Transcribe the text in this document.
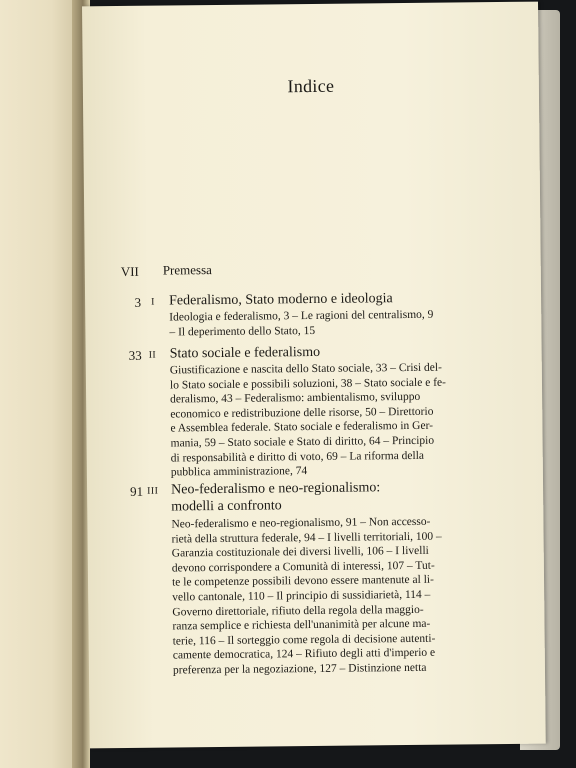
Indice
VII Premessa
3 I Federalismo, Stato moderno e ideologia
Ideologia e federalismo, 3 – Le ragioni del centralismo, 9
– Il deperimento dello Stato, 15
33 II Stato sociale e federalismo
Giustificazione e nascita dello Stato sociale, 33 – Crisi del-
lo Stato sociale e possibili soluzioni, 38 – Stato sociale e fe-
deralismo, 43 – Federalismo: ambientalismo, sviluppo
economico e redistribuzione delle risorse, 50 – Direttorio
e Assemblea federale. Stato sociale e federalismo in Ger-
mania, 59 – Stato sociale e Stato di diritto, 64 – Principio
di responsabilità e diritto di voto, 69 – La riforma della
pubblica amministrazione, 74
91 III Neo-federalismo e neo-regionalismo:
modelli a confronto
Neo-federalismo e neo-regionalismo, 91 – Non accesso-
rietà della struttura federale, 94 – I livelli territoriali, 100 –
Garanzia costituzionale dei diversi livelli, 106 – I livelli
devono corrispondere a Comunità di interessi, 107 – Tut-
te le competenze possibili devono essere mantenute al li-
vello cantonale, 110 – Il principio di sussidiarietà, 114 –
Governo direttoriale, rifiuto della regola della maggio-
ranza semplice e richiesta dell'unanimità per alcune ma-
terie, 116 – Il sorteggio come regola di decisione autenti-
camente democratica, 124 – Rifiuto degli atti d'imperio e
preferenza per la negoziazione, 127 – Distinzione netta
